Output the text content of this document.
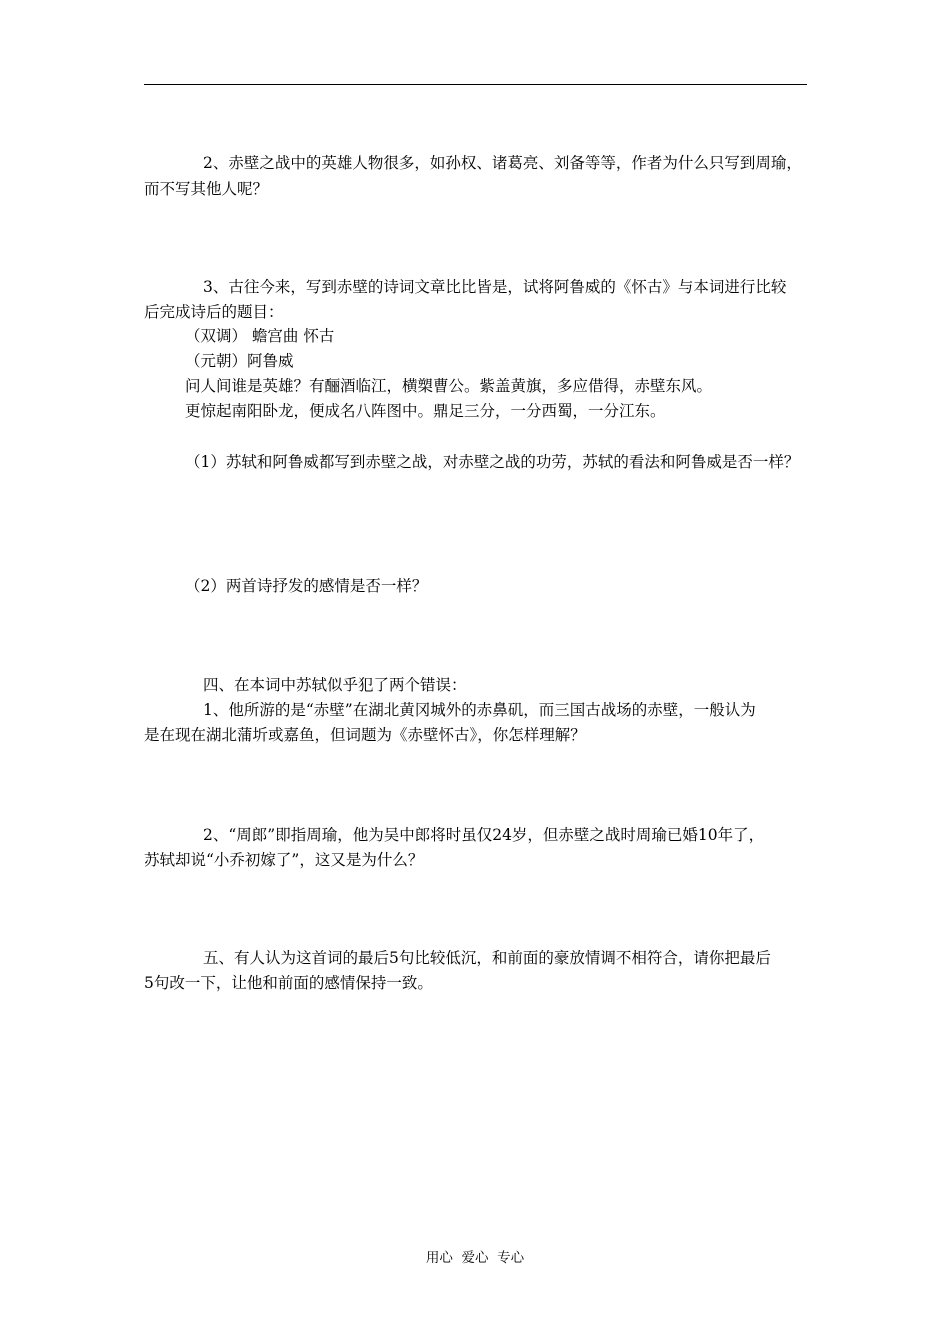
2、赤壁之战中的英雄人物很多，如孙权、诸葛亮、刘备等等，作者为什么只写到周瑜，
而不写其他人呢？
3、古往今来，写到赤壁的诗词文章比比皆是，试将阿鲁威的《怀古》与本词进行比较
后完成诗后的题目：
（双调） 蟾宫曲 怀古
（元朝）阿鲁威
问人间谁是英雄？有酾酒临江，横槊曹公。紫盖黄旗，多应借得，赤壁东风。
更惊起南阳卧龙，便成名八阵图中。鼎足三分，一分西蜀，一分江东。
（1）苏轼和阿鲁威都写到赤壁之战，对赤壁之战的功劳，苏轼的看法和阿鲁威是否一样？
（2）两首诗抒发的感情是否一样？
四、在本词中苏轼似乎犯了两个错误：
1、他所游的是“赤壁”在湖北黄冈城外的赤鼻矶，而三国古战场的赤壁，一般认为
是在现在湖北蒲圻或嘉鱼，但词题为《赤壁怀古》，你怎样理解？
2、“周郎”即指周瑜，他为吴中郎将时虽仅24岁，但赤壁之战时周瑜已婚10年了，
苏轼却说“小乔初嫁了”，这又是为什么？
五、有人认为这首词的最后5句比较低沉，和前面的豪放情调不相符合，请你把最后
5句改一下，让他和前面的感情保持一致。
用心  爱心  专心
